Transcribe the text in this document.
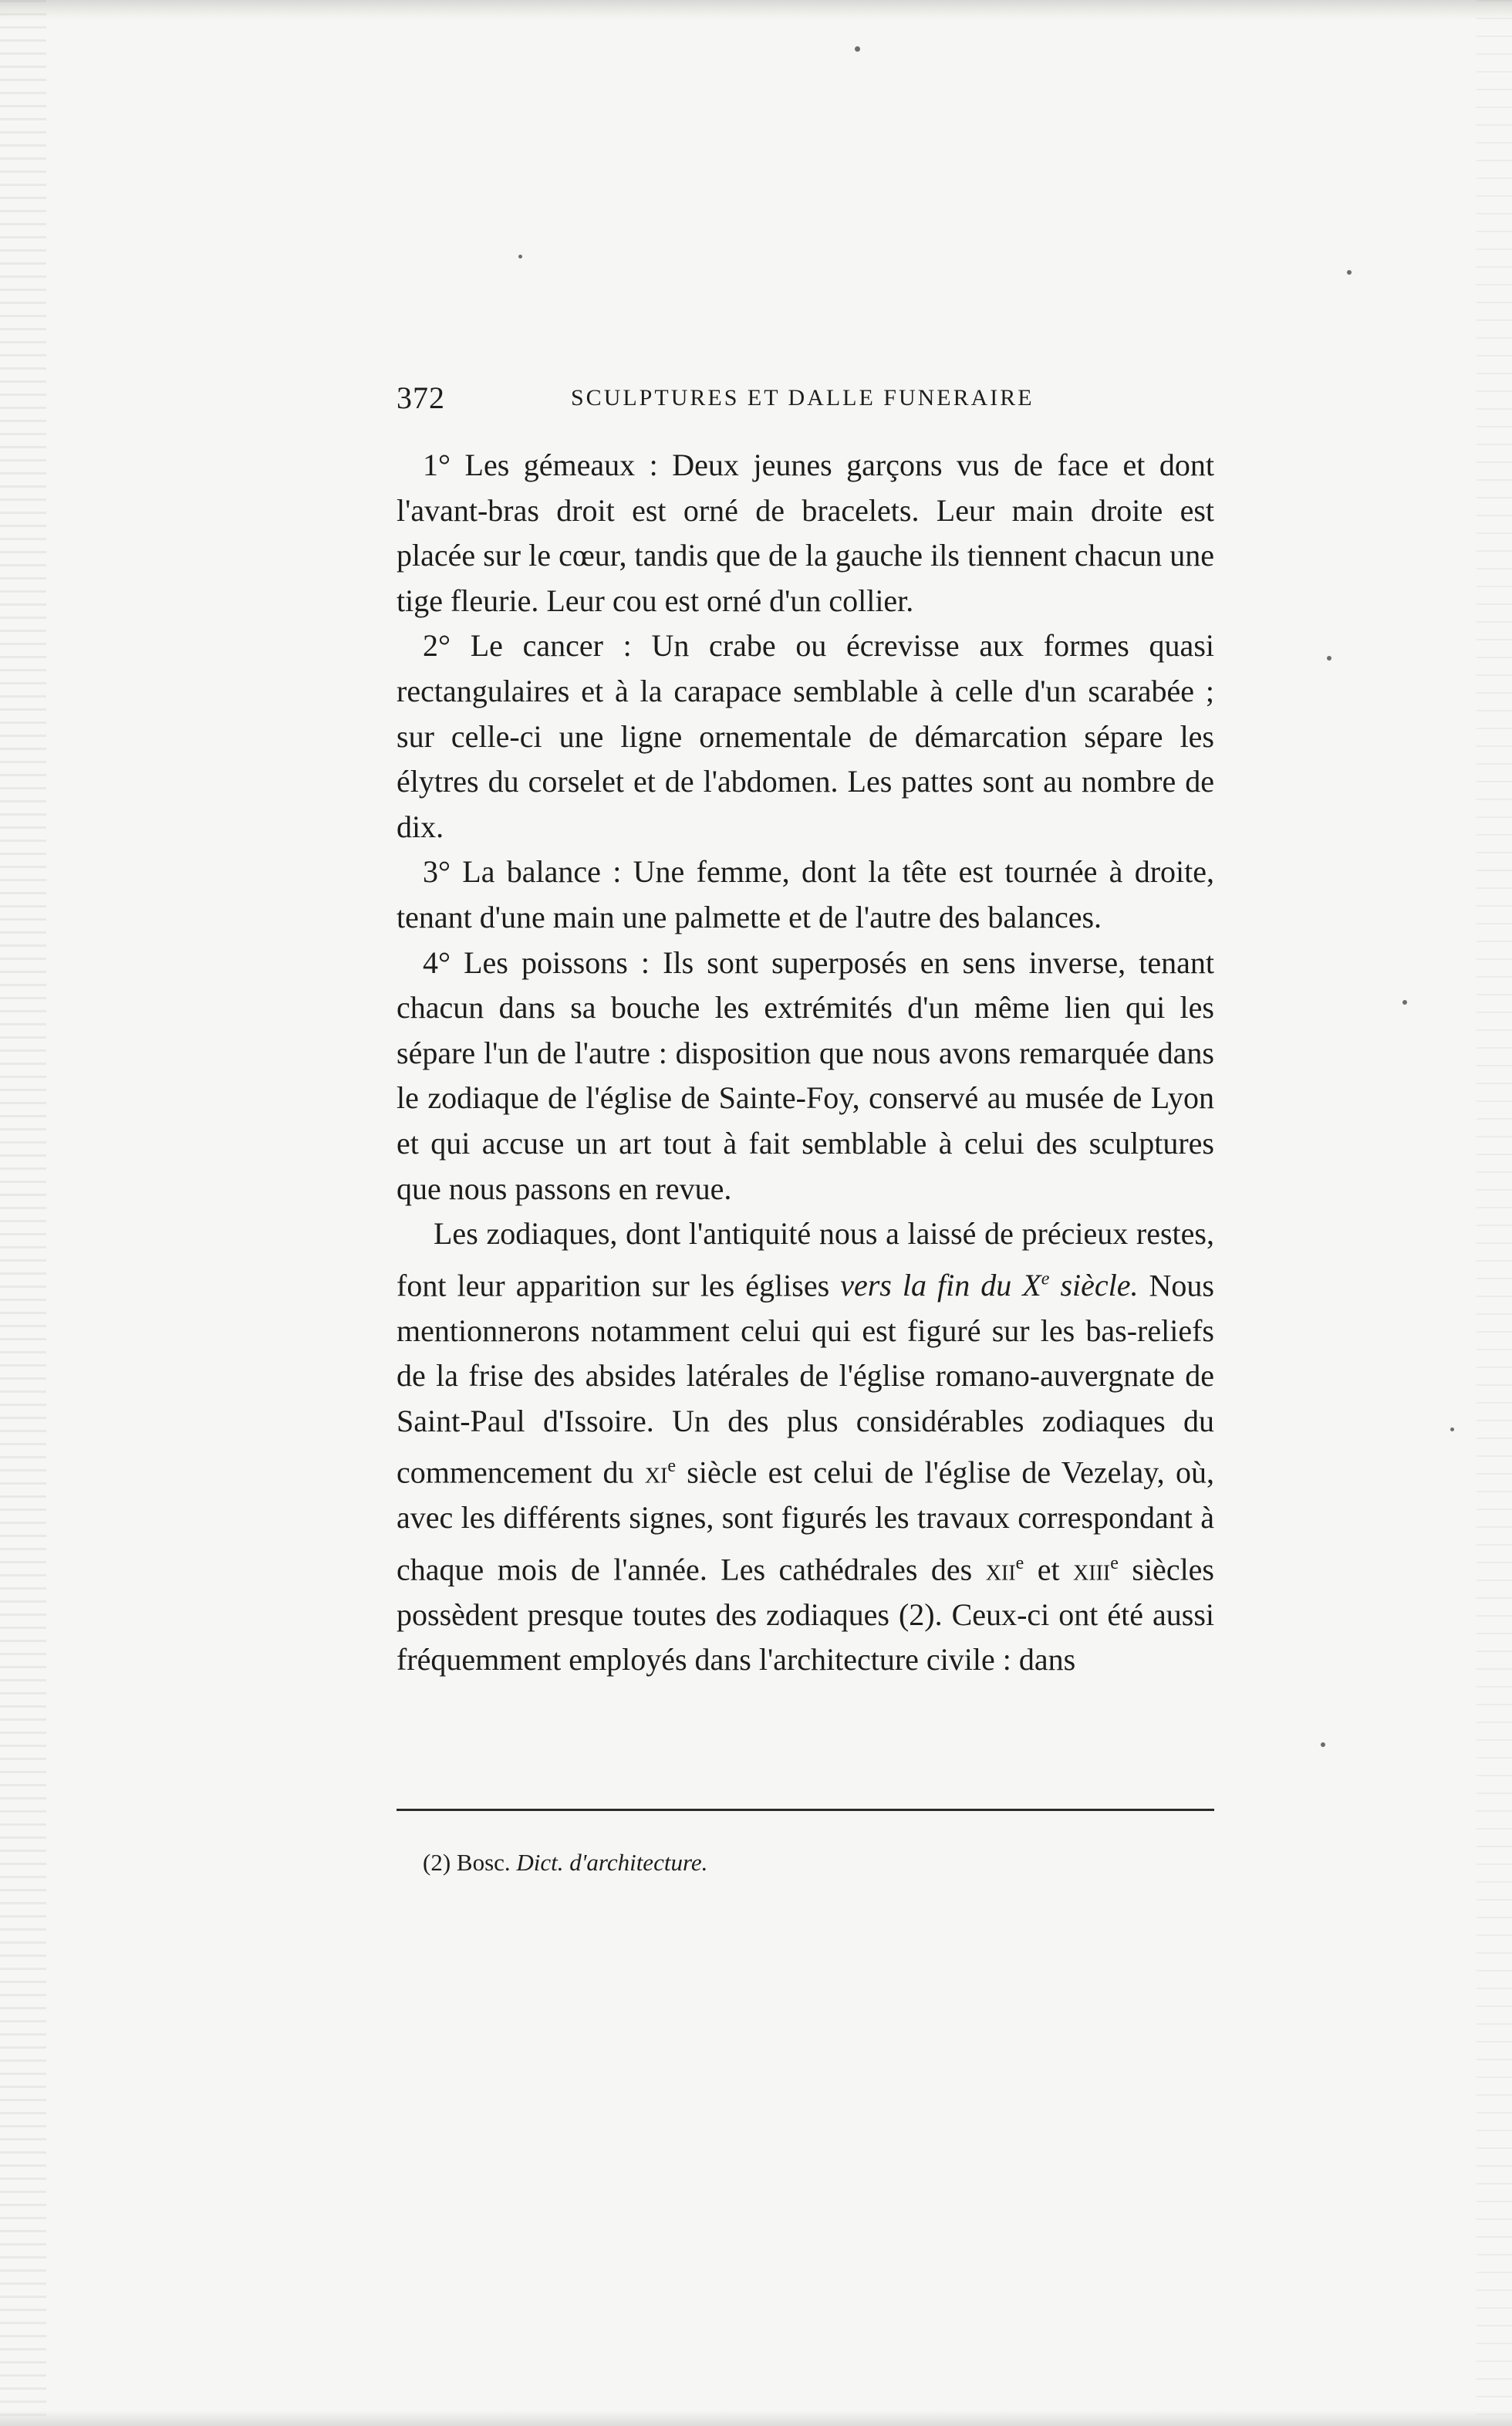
372	SCULPTURES ET DALLE FUNERAIRE

1° Les gémeaux : Deux jeunes garçons vus de face et dont l'avant-bras droit est orné de bracelets. Leur main droite est placée sur le cœur, tandis que de la gauche ils tiennent chacun une tige fleurie. Leur cou est orné d'un collier.

2° Le cancer : Un crabe ou écrevisse aux formes quasi rectangulaires et à la carapace semblable à celle d'un scarabée ; sur celle-ci une ligne ornementale de démarcation sépare les élytres du corselet et de l'abdomen. Les pattes sont au nombre de dix.

3° La balance : Une femme, dont la tête est tournée à droite, tenant d'une main une palmette et de l'autre des balances.

4° Les poissons : Ils sont superposés en sens inverse, tenant chacun dans sa bouche les extrémités d'un même lien qui les sépare l'un de l'autre : disposition que nous avons remarquée dans le zodiaque de l'église de Sainte-Foy, conservé au musée de Lyon et qui accuse un art tout à fait semblable à celui des sculptures que nous passons en revue.

Les zodiaques, dont l'antiquité nous a laissé de précieux restes, font leur apparition sur les églises vers la fin du Xe siècle. Nous mentionnerons notamment celui qui est figuré sur les bas-reliefs de la frise des absides latérales de l'église romano-auvergnate de Saint-Paul d'Issoire. Un des plus considérables zodiaques du commencement du $xi^e$ siècle est celui de l'église de Vezelay, où, avec les différents signes, sont figurés les travaux correspondant à chaque mois de l'année. Les cathédrales des xii$^e$ et xiii$^e$ siècles possèdent presque toutes des zodiaques (2). Ceux-ci ont été aussi fréquemment employés dans l'architecture civile : dans

(2) Bosc. Dict. d'architecture.
